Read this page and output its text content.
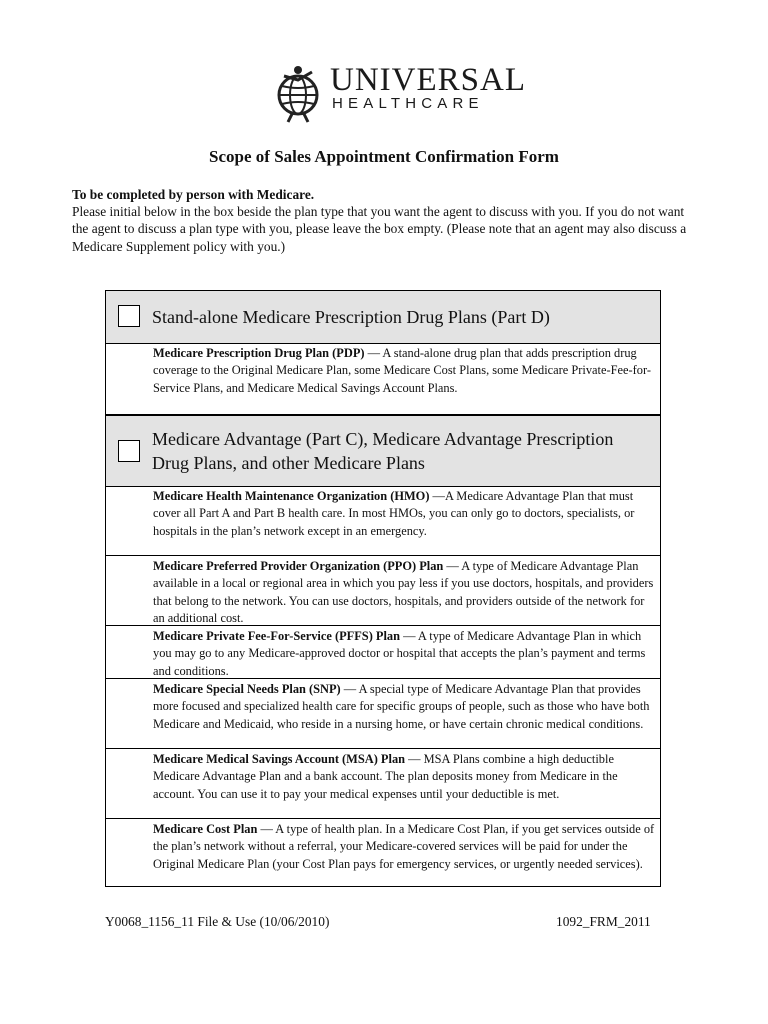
UNIVERSAL
HEALTHCARE
Scope of Sales Appointment Confirmation Form
To be completed by person with Medicare.
Please initial below in the box beside the plan type that you want the agent to discuss with you. If you do not want the agent to discuss a plan type with you, please leave the box empty. (Please note that an agent may also discuss a Medicare Supplement policy with you.)
Stand-alone Medicare Prescription Drug Plans (Part D)

Medicare Prescription Drug Plan (PDP) — A stand-alone drug plan that adds prescription drug coverage to the Original Medicare Plan, some Medicare Cost Plans, some Medicare Private-Fee-for-Service Plans, and Medicare Medical Savings Account Plans.

Medicare Advantage (Part C), Medicare Advantage Prescription Drug Plans, and other Medicare Plans

Medicare Health Maintenance Organization (HMO) —A Medicare Advantage Plan that must cover all Part A and Part B health care. In most HMOs, you can only go to doctors, specialists, or hospitals in the plan’s network except in an emergency.

Medicare Preferred Provider Organization (PPO) Plan — A type of Medicare Advantage Plan available in a local or regional area in which you pay less if you use doctors, hospitals, and providers that belong to the network. You can use doctors, hospitals, and providers outside of the network for an additional cost.

Medicare Private Fee-For-Service (PFFS) Plan — A type of Medicare Advantage Plan in which you may go to any Medicare-approved doctor or hospital that accepts the plan’s payment and terms and conditions.

Medicare Special Needs Plan (SNP) — A special type of Medicare Advantage Plan that provides more focused and specialized health care for specific groups of people, such as those who have both Medicare and Medicaid, who reside in a nursing home, or have certain chronic medical conditions.

Medicare Medical Savings Account (MSA) Plan — MSA Plans combine a high deductible Medicare Advantage Plan and a bank account. The plan deposits money from Medicare in the account. You can use it to pay your medical expenses until your deductible is met.

Medicare Cost Plan — A type of health plan. In a Medicare Cost Plan, if you get services outside of the plan’s network without a referral, your Medicare-covered services will be paid for under the Original Medicare Plan (your Cost Plan pays for emergency services, or urgently needed services).

Y0068_1156_11 File & Use (10/06/2010)	1092_FRM_2011
